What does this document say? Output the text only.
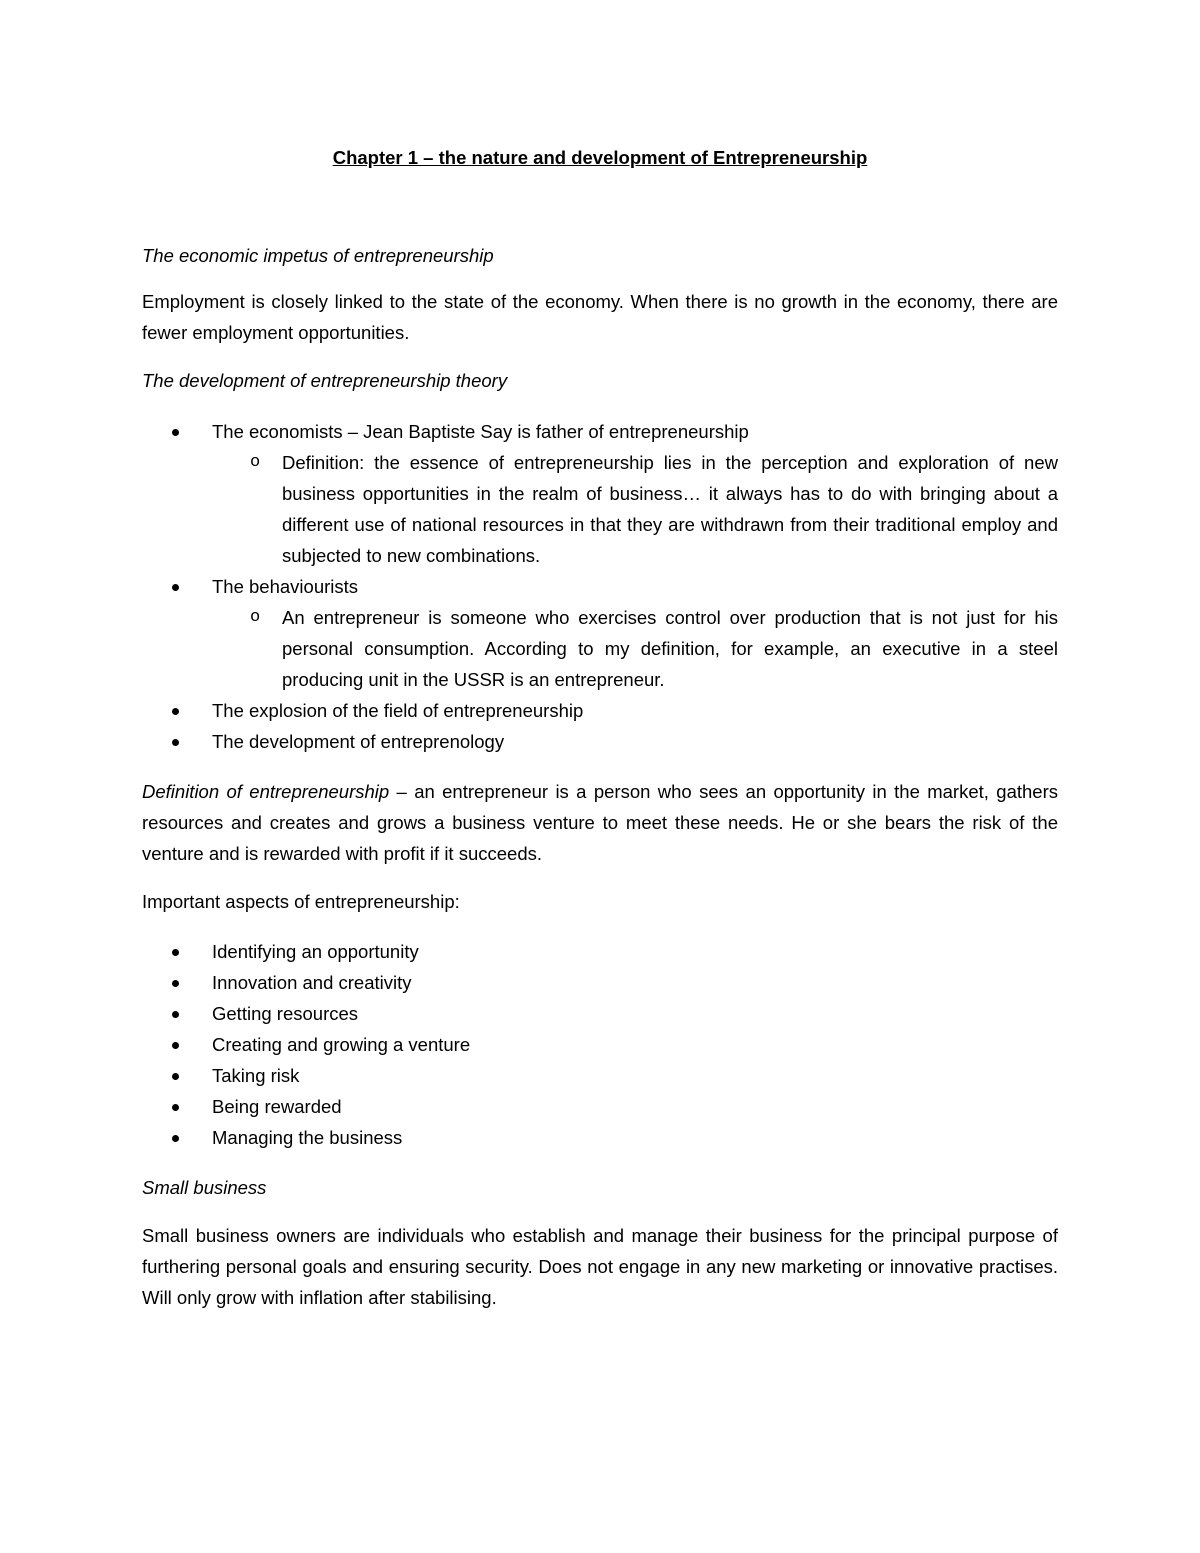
Chapter 1 – the nature and development of Entrepreneurship

The economic impetus of entrepreneurship

Employment is closely linked to the state of the economy. When there is no growth in the economy, there are fewer employment opportunities.

The development of entrepreneurship theory

The economists – Jean Baptiste Say is father of entrepreneurship
o Definition: the essence of entrepreneurship lies in the perception and exploration of new business opportunities in the realm of business… it always has to do with bringing about a different use of national resources in that they are withdrawn from their traditional employ and subjected to new combinations.
The behaviourists
o An entrepreneur is someone who exercises control over production that is not just for his personal consumption. According to my definition, for example, an executive in a steel producing unit in the USSR is an entrepreneur.
The explosion of the field of entrepreneurship
The development of entreprenology

Definition of entrepreneurship – an entrepreneur is a person who sees an opportunity in the market, gathers resources and creates and grows a business venture to meet these needs. He or she bears the risk of the venture and is rewarded with profit if it succeeds.

Important aspects of entrepreneurship:

Identifying an opportunity
Innovation and creativity
Getting resources
Creating and growing a venture
Taking risk
Being rewarded
Managing the business

Small business

Small business owners are individuals who establish and manage their business for the principal purpose of furthering personal goals and ensuring security. Does not engage in any new marketing or innovative practises. Will only grow with inflation after stabilising.
